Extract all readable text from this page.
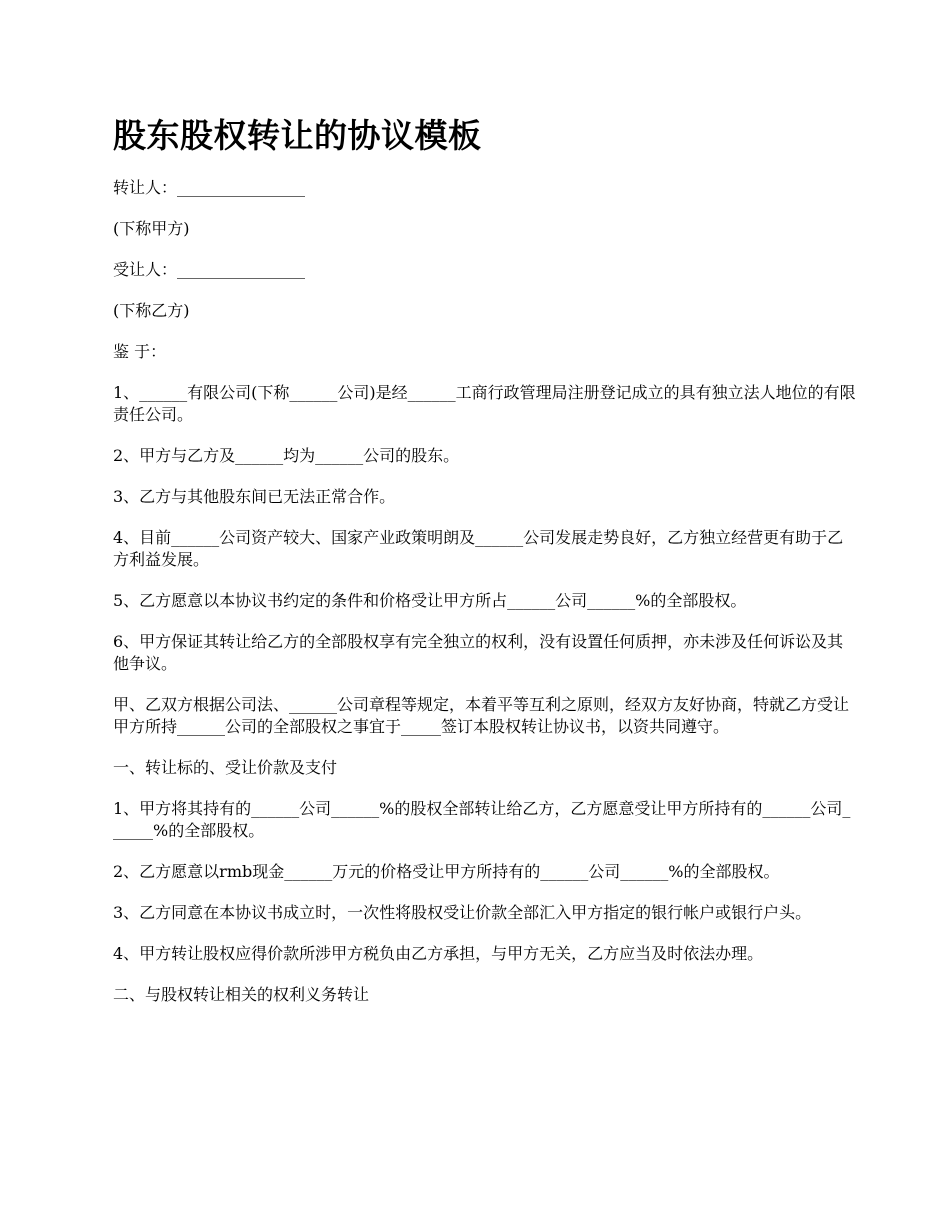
股东股权转让的协议模板

转让人：________________

(下称甲方)

受让人：________________

(下称乙方)

鉴 于：

1、______有限公司(下称______公司)是经______工商行政管理局注册登记成立的具有独立法人地位的有限责任公司。

2、甲方与乙方及______均为______公司的股东。

3、乙方与其他股东间已无法正常合作。

4、目前______公司资产较大、国家产业政策明朗及______公司发展走势良好，乙方独立经营更有助于乙方利益发展。

5、乙方愿意以本协议书约定的条件和价格受让甲方所占______公司______%的全部股权。

6、甲方保证其转让给乙方的全部股权享有完全独立的权利，没有设置任何质押，亦未涉及任何诉讼及其他争议。

甲、乙双方根据公司法、______公司章程等规定，本着平等互利之原则，经双方友好协商，特就乙方受让甲方所持______公司的全部股权之事宜于_____签订本股权转让协议书，以资共同遵守。

一、转让标的、受让价款及支付

1、甲方将其持有的______公司______%的股权全部转让给乙方，乙方愿意受让甲方所持有的______公司______%的全部股权。

2、乙方愿意以rmb现金______万元的价格受让甲方所持有的______公司______%的全部股权。

3、乙方同意在本协议书成立时，一次性将股权受让价款全部汇入甲方指定的银行帐户或银行户头。

4、甲方转让股权应得价款所涉甲方税负由乙方承担，与甲方无关，乙方应当及时依法办理。

二、与股权转让相关的权利义务转让
